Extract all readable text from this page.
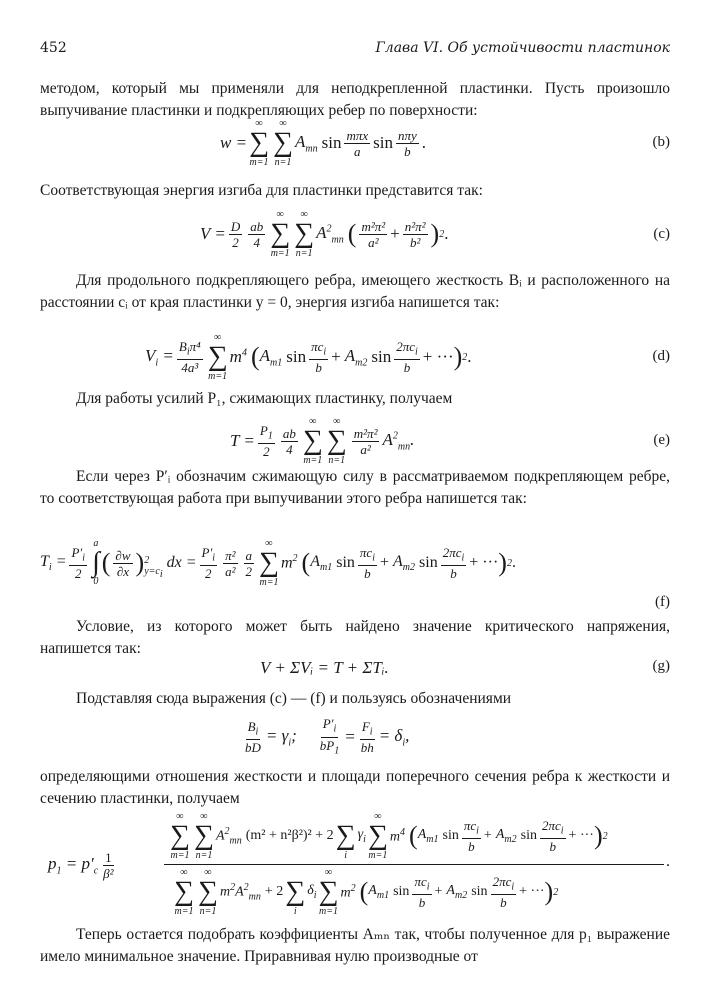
452	Глава VI. Об устойчивости пластинок
методом, который мы применяли для неподкрепленной пластинки. Пусть произошло выпучивание пластинки и подкрепляющих ребер по поверхности:
w =
∞
∑
m=1
∞
∑
n=1
$A_{mn}$ $\sin \frac{\text{mπx}}{a}$ $\sin \frac{\text{nπy}}{b}$ .	(b)
Соответствующая энергия изгиба для пластинки представится так:
$V = \frac{D}{2} \frac{ab}{4}$
∞
∑
m=1
∞
∑
n=1
$A^2_{mn}$ ( $\frac{\text{m²π²}}{\text{a²}} + \frac{\text{n²π²}}{\text{b²}}$ ) 2 .	(c)
Для продольного подкрепляющего ребра, имеющего жесткость Bᵢ и расположенного на расстоянии cᵢ от края пластинки y = 0, энергия изгиба напишется так:
$V_i = \frac{B_i\pi^4}{\text{4a³}}$
∞
∑
m=1
$m^4$ ( $A_{m1}$ $\sin \frac{\pi c_i}{b} + A_{m2}$ $\sin \frac{2\pi c_i}{b}$ + ··· ) 2 .	(d)
Для работы усилий P₁, сжимающих пластинку, получаем
$T = \frac{P_1}{2} \frac{ab}{4}$
∞
∑
m=1
∞
∑
n=1
$\frac{\text{m²π²}}{\text{a²}} A^2_{mn}$.	(e)
Если через P′ᵢ обозначим сжимающую силу в рассматриваемом подкрепляющем ребре, то соответствующая работа при выпучивании этого ребра напишется так:
$T_i = \frac{P'_i}{2}$
a
∫
0
( $\frac{\partial w}{\partial x}$ ) 2
$y=c_i$
dx = $\frac{P'_i}{2} \frac{\text{π²}}{\text{a²}} \frac{a}{2}$
∞
∑
m=1
$m^2$ ( $A_{m1}$ $\sin \frac{\pi c_i}{b} + A_{m2}$ $\sin \frac{2\pi c_i}{b}$ + ··· ) 2 .
(f)
Условие, из которого может быть найдено значение критического напряжения, напишется так:
V + ΣVᵢ = T + ΣTᵢ.	(g)
Подставляя сюда выражения (c) — (f) и пользуясь обозначениями
$\frac{B_i}{bD} = \gamma_i$; $\frac{P'_i}{bP_1} = \frac{F_i}{bh} = \delta_i$,
определяющими отношения жесткости и площади поперечного сечения ребра к жесткости и сечению пластинки, получаем
$p_1 = p'_c \frac{1}{\text{β²}}$
∞
∑
m=1
∞
∑
n=1
$A^2_{mn}$ (m² + n²β²)² + 2
∑
i
$\gamma_i$
∞
∑
m=1
$m^4$ ( $A_{m1}$ $\sin \frac{\pi c_i}{b} + A_{m2}$ $\sin \frac{2\pi c_i}{b}$ + ··· ) 2
.
∞
∑
m=1
∞
∑
n=1
$m^2A^2_{mn} + 2$
∑
i
$\delta_i$
∞
∑
m=1
$m^2$ ( $A_{m1}$ $\sin \frac{\pi c_i}{b} + A_{m2}$ $\sin \frac{2\pi c_i}{b}$ + ··· ) 2
Теперь остается подобрать коэффициенты Aₘₙ так, чтобы полученное для p₁ выражение имело минимальное значение. Приравнивая нулю производные от
